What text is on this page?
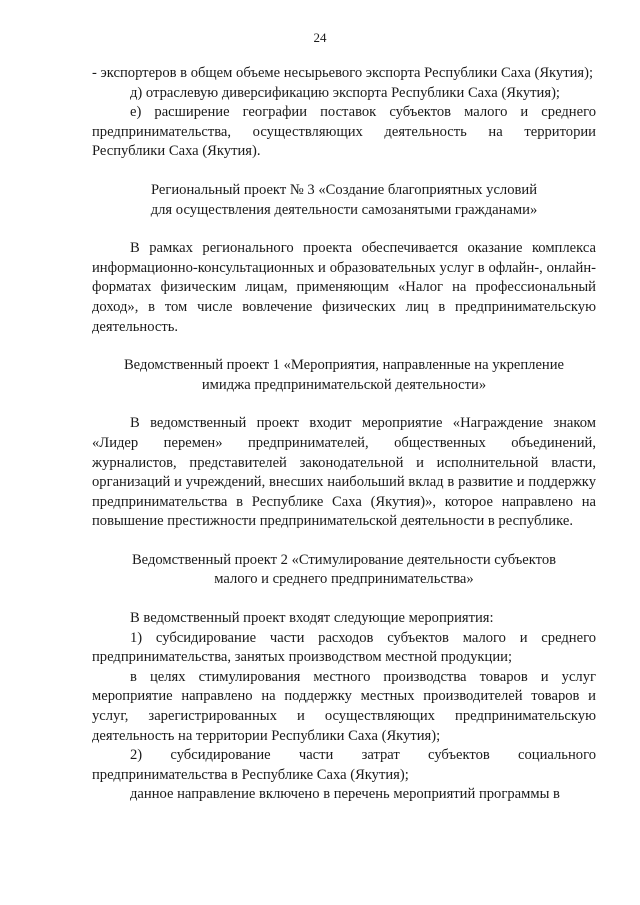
24

- экспортеров в общем объеме несырьевого экспорта Республики Саха (Якутия);

д) отраслевую диверсификацию экспорта Республики Саха (Якутия);

е) расширение географии поставок субъектов малого и среднего предпринимательства, осуществляющих деятельность на территории Республики Саха (Якутия).

Региональный проект № 3 «Создание благоприятных условий
для осуществления деятельности самозанятыми гражданами»

В рамках регионального проекта обеспечивается оказание комплекса информационно-консультационных и образовательных услуг в офлайн-, онлайн-форматах физическим лицам, применяющим «Налог на профессиональный доход», в том числе вовлечение физических лиц в предпринимательскую деятельность.

Ведомственный проект 1 «Мероприятия, направленные на укрепление
имиджа предпринимательской деятельности»

В ведомственный проект входит мероприятие «Награждение знаком «Лидер перемен» предпринимателей, общественных объединений, журналистов, представителей законодательной и исполнительной власти, организаций и учреждений, внесших наибольший вклад в развитие и поддержку предпринимательства в Республике Саха (Якутия)», которое направлено на повышение престижности предпринимательской деятельности в республике.

Ведомственный проект 2 «Стимулирование деятельности субъектов
малого и среднего предпринимательства»

В ведомственный проект входят следующие мероприятия:

1) субсидирование части расходов субъектов малого и среднего предпринимательства, занятых производством местной продукции;

в целях стимулирования местного производства товаров и услуг мероприятие направлено на поддержку местных производителей товаров и услуг, зарегистрированных и осуществляющих предпринимательскую деятельность на территории Республики Саха (Якутия);

2) субсидирование части затрат субъектов социального предпринимательства в Республике Саха (Якутия);

данное направление включено в перечень мероприятий программы в
